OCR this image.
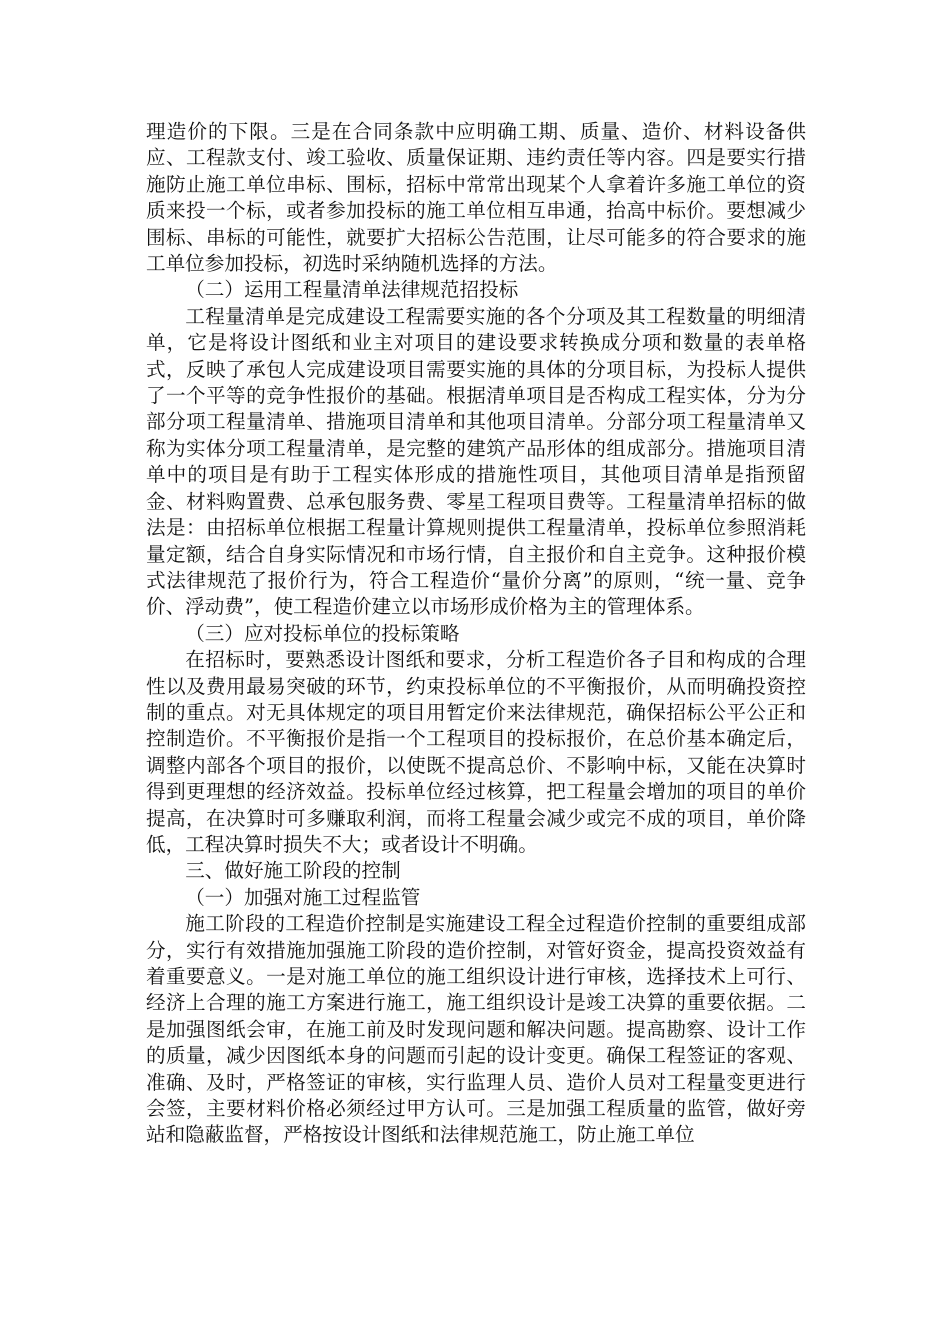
理造价的下限。三是在合同条款中应明确工期、质量、造价、材料设备供应、工程款支付、竣工验收、质量保证期、违约责任等内容。四是要实行措施防止施工单位串标、围标，招标中常常出现某个人拿着许多施工单位的资质来投一个标，或者参加投标的施工单位相互串通，抬高中标价。要想减少围标、串标的可能性，就要扩大招标公告范围，让尽可能多的符合要求的施工单位参加投标，初选时采纳随机选择的方法。

（二）运用工程量清单法律规范招投标

工程量清单是完成建设工程需要实施的各个分项及其工程数量的明细清单，它是将设计图纸和业主对项目的建设要求转换成分项和数量的表单格式，反映了承包人完成建设项目需要实施的具体的分项目标，为投标人提供了一个平等的竞争性报价的基础。根据清单项目是否构成工程实体，分为分部分项工程量清单、措施项目清单和其他项目清单。分部分项工程量清单又称为实体分项工程量清单，是完整的建筑产品形体的组成部分。措施项目清单中的项目是有助于工程实体形成的措施性项目，其他项目清单是指预留金、材料购置费、总承包服务费、零星工程项目费等。工程量清单招标的做法是：由招标单位根据工程量计算规则提供工程量清单，投标单位参照消耗量定额，结合自身实际情况和市场行情，自主报价和自主竞争。这种报价模式法律规范了报价行为，符合工程造价“量价分离”的原则，“统一量、竞争价、浮动费”，使工程造价建立以市场形成价格为主的管理体系。

（三）应对投标单位的投标策略

在招标时，要熟悉设计图纸和要求，分析工程造价各子目和构成的合理性以及费用最易突破的环节，约束投标单位的不平衡报价，从而明确投资控制的重点。对无具体规定的项目用暂定价来法律规范，确保招标公平公正和控制造价。不平衡报价是指一个工程项目的投标报价，在总价基本确定后，调整内部各个项目的报价，以使既不提高总价、不影响中标，又能在决算时得到更理想的经济效益。投标单位经过核算，把工程量会增加的项目的单价提高，在决算时可多赚取利润，而将工程量会减少或完不成的项目，单价降低，工程决算时损失不大；或者设计不明确。

三、做好施工阶段的控制

（一）加强对施工过程监管

施工阶段的工程造价控制是实施建设工程全过程造价控制的重要组成部分，实行有效措施加强施工阶段的造价控制，对管好资金，提高投资效益有着重要意义。一是对施工单位的施工组织设计进行审核，选择技术上可行、经济上合理的施工方案进行施工，施工组织设计是竣工决算的重要依据。二是加强图纸会审，在施工前及时发现问题和解决问题。提高勘察、设计工作的质量，减少因图纸本身的问题而引起的设计变更。确保工程签证的客观、准确、及时，严格签证的审核，实行监理人员、造价人员对工程量变更进行会签，主要材料价格必须经过甲方认可。三是加强工程质量的监管，做好旁站和隐蔽监督，严格按设计图纸和法律规范施工，防止施工单位
